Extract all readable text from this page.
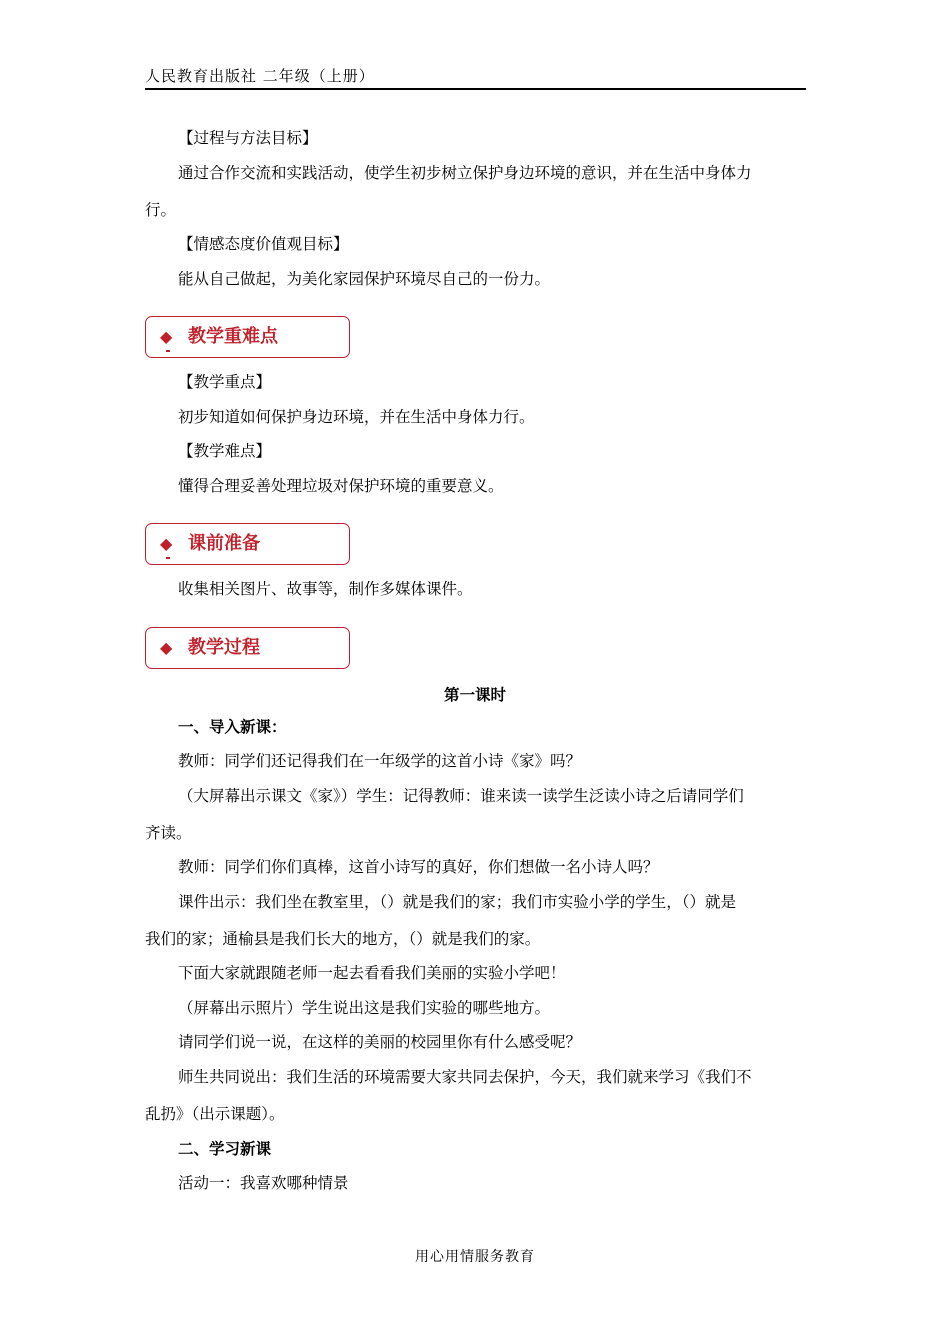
人民教育出版社 二年级（上册）
【过程与方法目标】
通过合作交流和实践活动，使学生初步树立保护身边环境的意识，并在生活中身体力
行。
【情感态度价值观目标】
能从自己做起，为美化家园保护环境尽自己的一份力。
◆ 教学重难点
【教学重点】
初步知道如何保护身边环境，并在生活中身体力行。
【教学难点】
懂得合理妥善处理垃圾对保护环境的重要意义。
◆ 课前准备
收集相关图片、故事等，制作多媒体课件。
◆ 教学过程
第一课时
一、导入新课：
教师：同学们还记得我们在一年级学的这首小诗《家》吗？
（大屏幕出示课文《家》）学生：记得教师：谁来读一读学生泛读小诗之后请同学们
齐读。
教师：同学们你们真棒，这首小诗写的真好，你们想做一名小诗人吗？
课件出示：我们坐在教室里，（）就是我们的家；我们市实验小学的学生，（）就是
我们的家；通榆县是我们长大的地方，（）就是我们的家。
下面大家就跟随老师一起去看看我们美丽的实验小学吧！
（屏幕出示照片）学生说出这是我们实验的哪些地方。
请同学们说一说，在这样的美丽的校园里你有什么感受呢？
师生共同说出：我们生活的环境需要大家共同去保护，今天，我们就来学习《我们不
乱扔》（出示课题）。
二、学习新课
活动一：我喜欢哪种情景
用心用情服务教育
